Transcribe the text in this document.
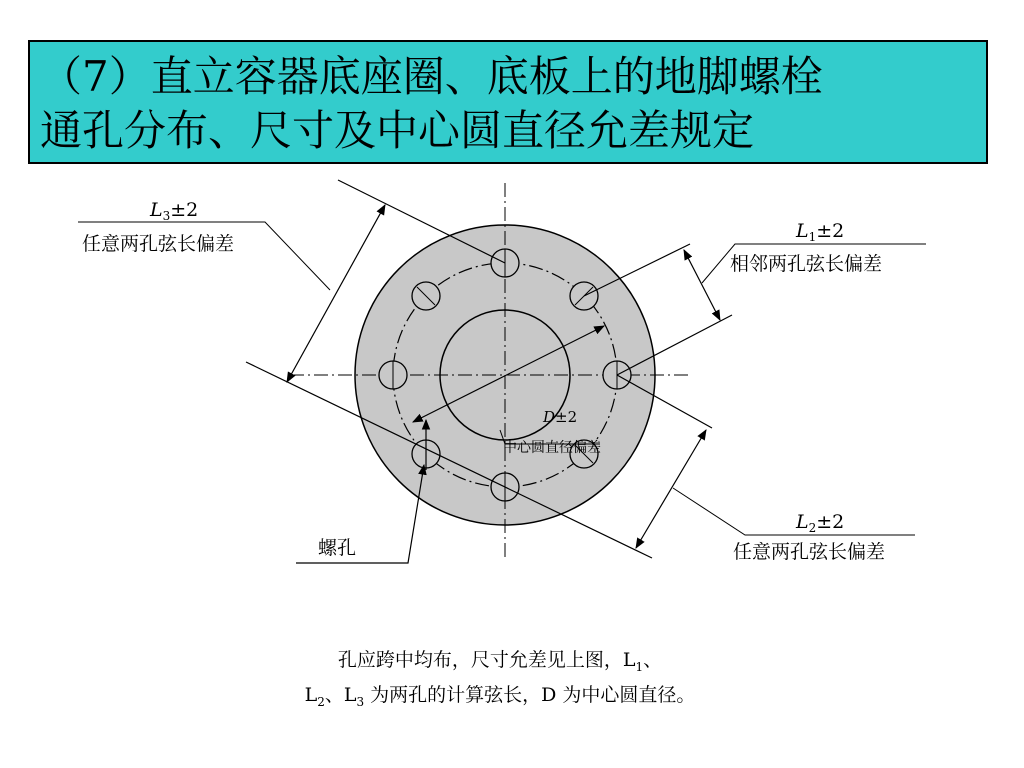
（7）直立容器底座圈、底板上的地脚螺栓
通孔分布、尺寸及中心圆直径允差规定
$L_3\pm 2$
任意两孔弦长偏差
$L_1\pm 2$
相邻两孔弦长偏差
$L_2\pm 2$
任意两孔弦长偏差
D±2
中心圆直径偏差
螺孔
孔应跨中均布，尺寸允差见上图，$L_1$、
$L_2$、$L_3$ 为两孔的计算弦长，D 为中心圆直径。
